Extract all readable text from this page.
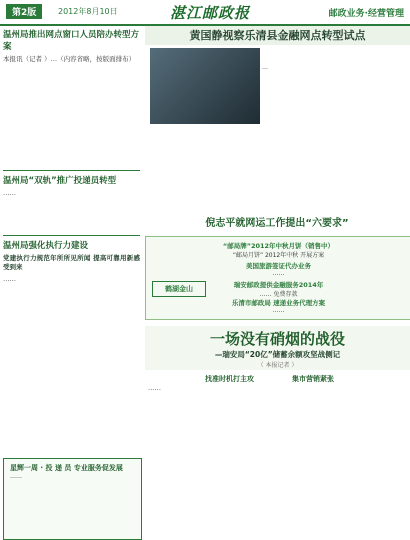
第2版	2012年8月10日	湛江邮政报	邮政业务·经营管理
温州局推出网点窗口人员陪办转型方案

本报讯（记者 ）…（内容省略，按版面排布）

温州局“双轨”推广投递员转型

……

温州局强化执行力建设
党建执行力规范年所所见所闻 提高可靠用新感受到来

……

星辉一周 · 投 递 员 专业服务促发展
……
黄国静视察乐清县金融网点转型试点
…
倪志平就网运工作提出“六要求”

“邮局牌”2012年中秋月饼（销售中）
“邮局月饼” 2012年中秋 开展方案
美国旅游签证代办业务
……
瑞安邮政提供金融服务2014年
…… 免费存款
乐清市邮政局 速递业务代理方案
……
鹤湖金山
一场没有硝烟的战役
—瑞安局“20亿”储蓄余额攻坚战侧记
（ 本报记者 ）
找准时机打主攻	集市营销紧张

……
